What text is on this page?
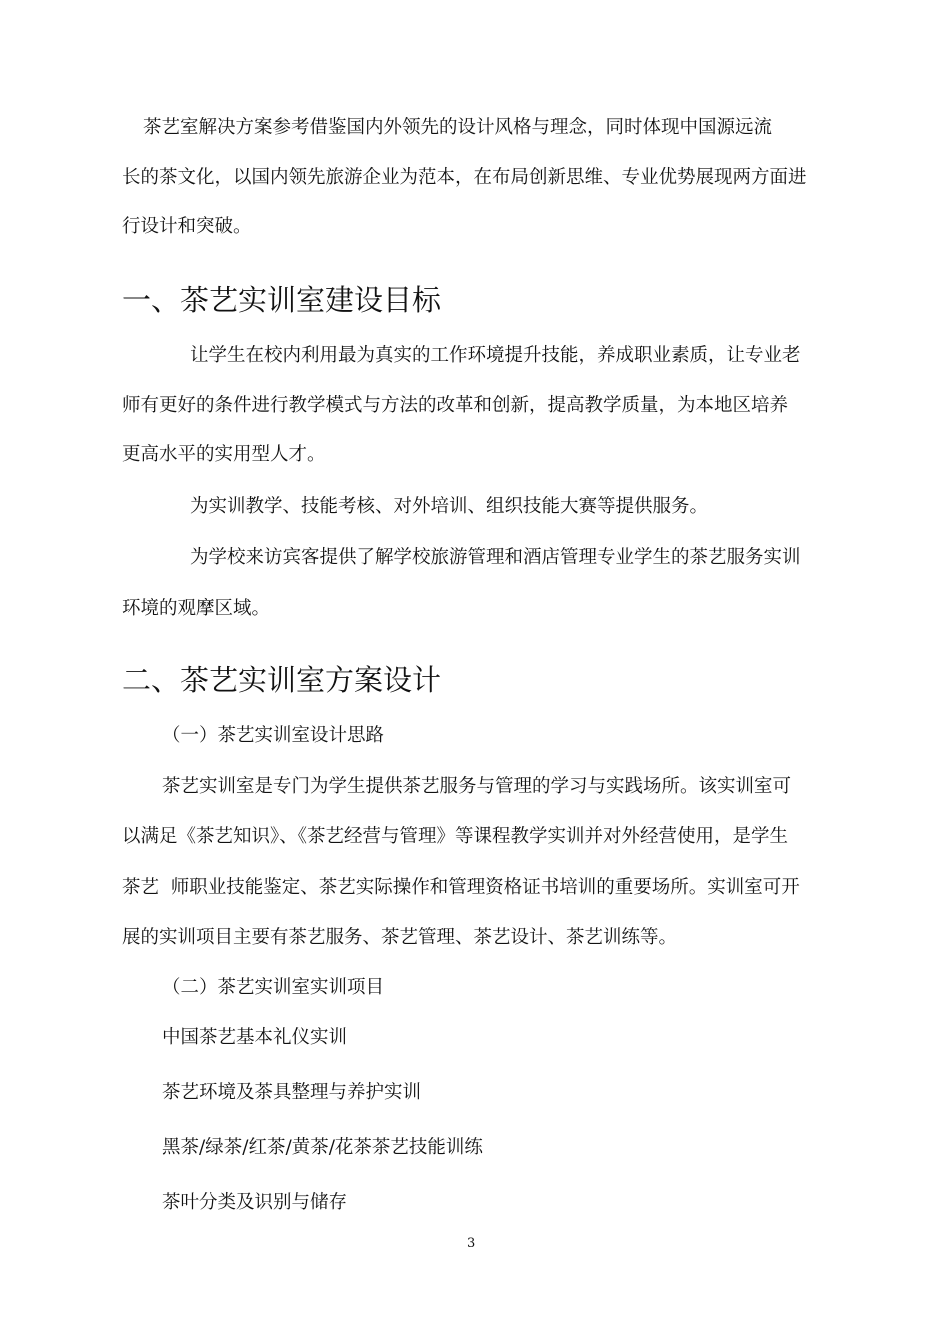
茶艺室解决方案参考借鉴国内外领先的设计风格与理念，同时体现中国源远流
长的茶文化，以国内领先旅游企业为范本，在布局创新思维、专业优势展现两方面进
行设计和突破。
一、茶艺实训室建设目标
让学生在校内利用最为真实的工作环境提升技能，养成职业素质，让专业老
师有更好的条件进行教学模式与方法的改革和创新，提高教学质量，为本地区培养
更高水平的实用型人才。
为实训教学、技能考核、对外培训、组织技能大赛等提供服务。
为学校来访宾客提供了解学校旅游管理和酒店管理专业学生的茶艺服务实训
环境的观摩区域。
二、茶艺实训室方案设计
（一）茶艺实训室设计思路
茶艺实训室是专门为学生提供茶艺服务与管理的学习与实践场所。该实训室可
以满足《茶艺知识》、《茶艺经营与管理》等课程教学实训并对外经营使用，是学生
茶艺  师职业技能鉴定、茶艺实际操作和管理资格证书培训的重要场所。实训室可开
展的实训项目主要有茶艺服务、茶艺管理、茶艺设计、茶艺训练等。
（二）茶艺实训室实训项目
中国茶艺基本礼仪实训
茶艺环境及茶具整理与养护实训
黑茶/绿茶/红茶/黄茶/花茶茶艺技能训练
茶叶分类及识别与储存
3
